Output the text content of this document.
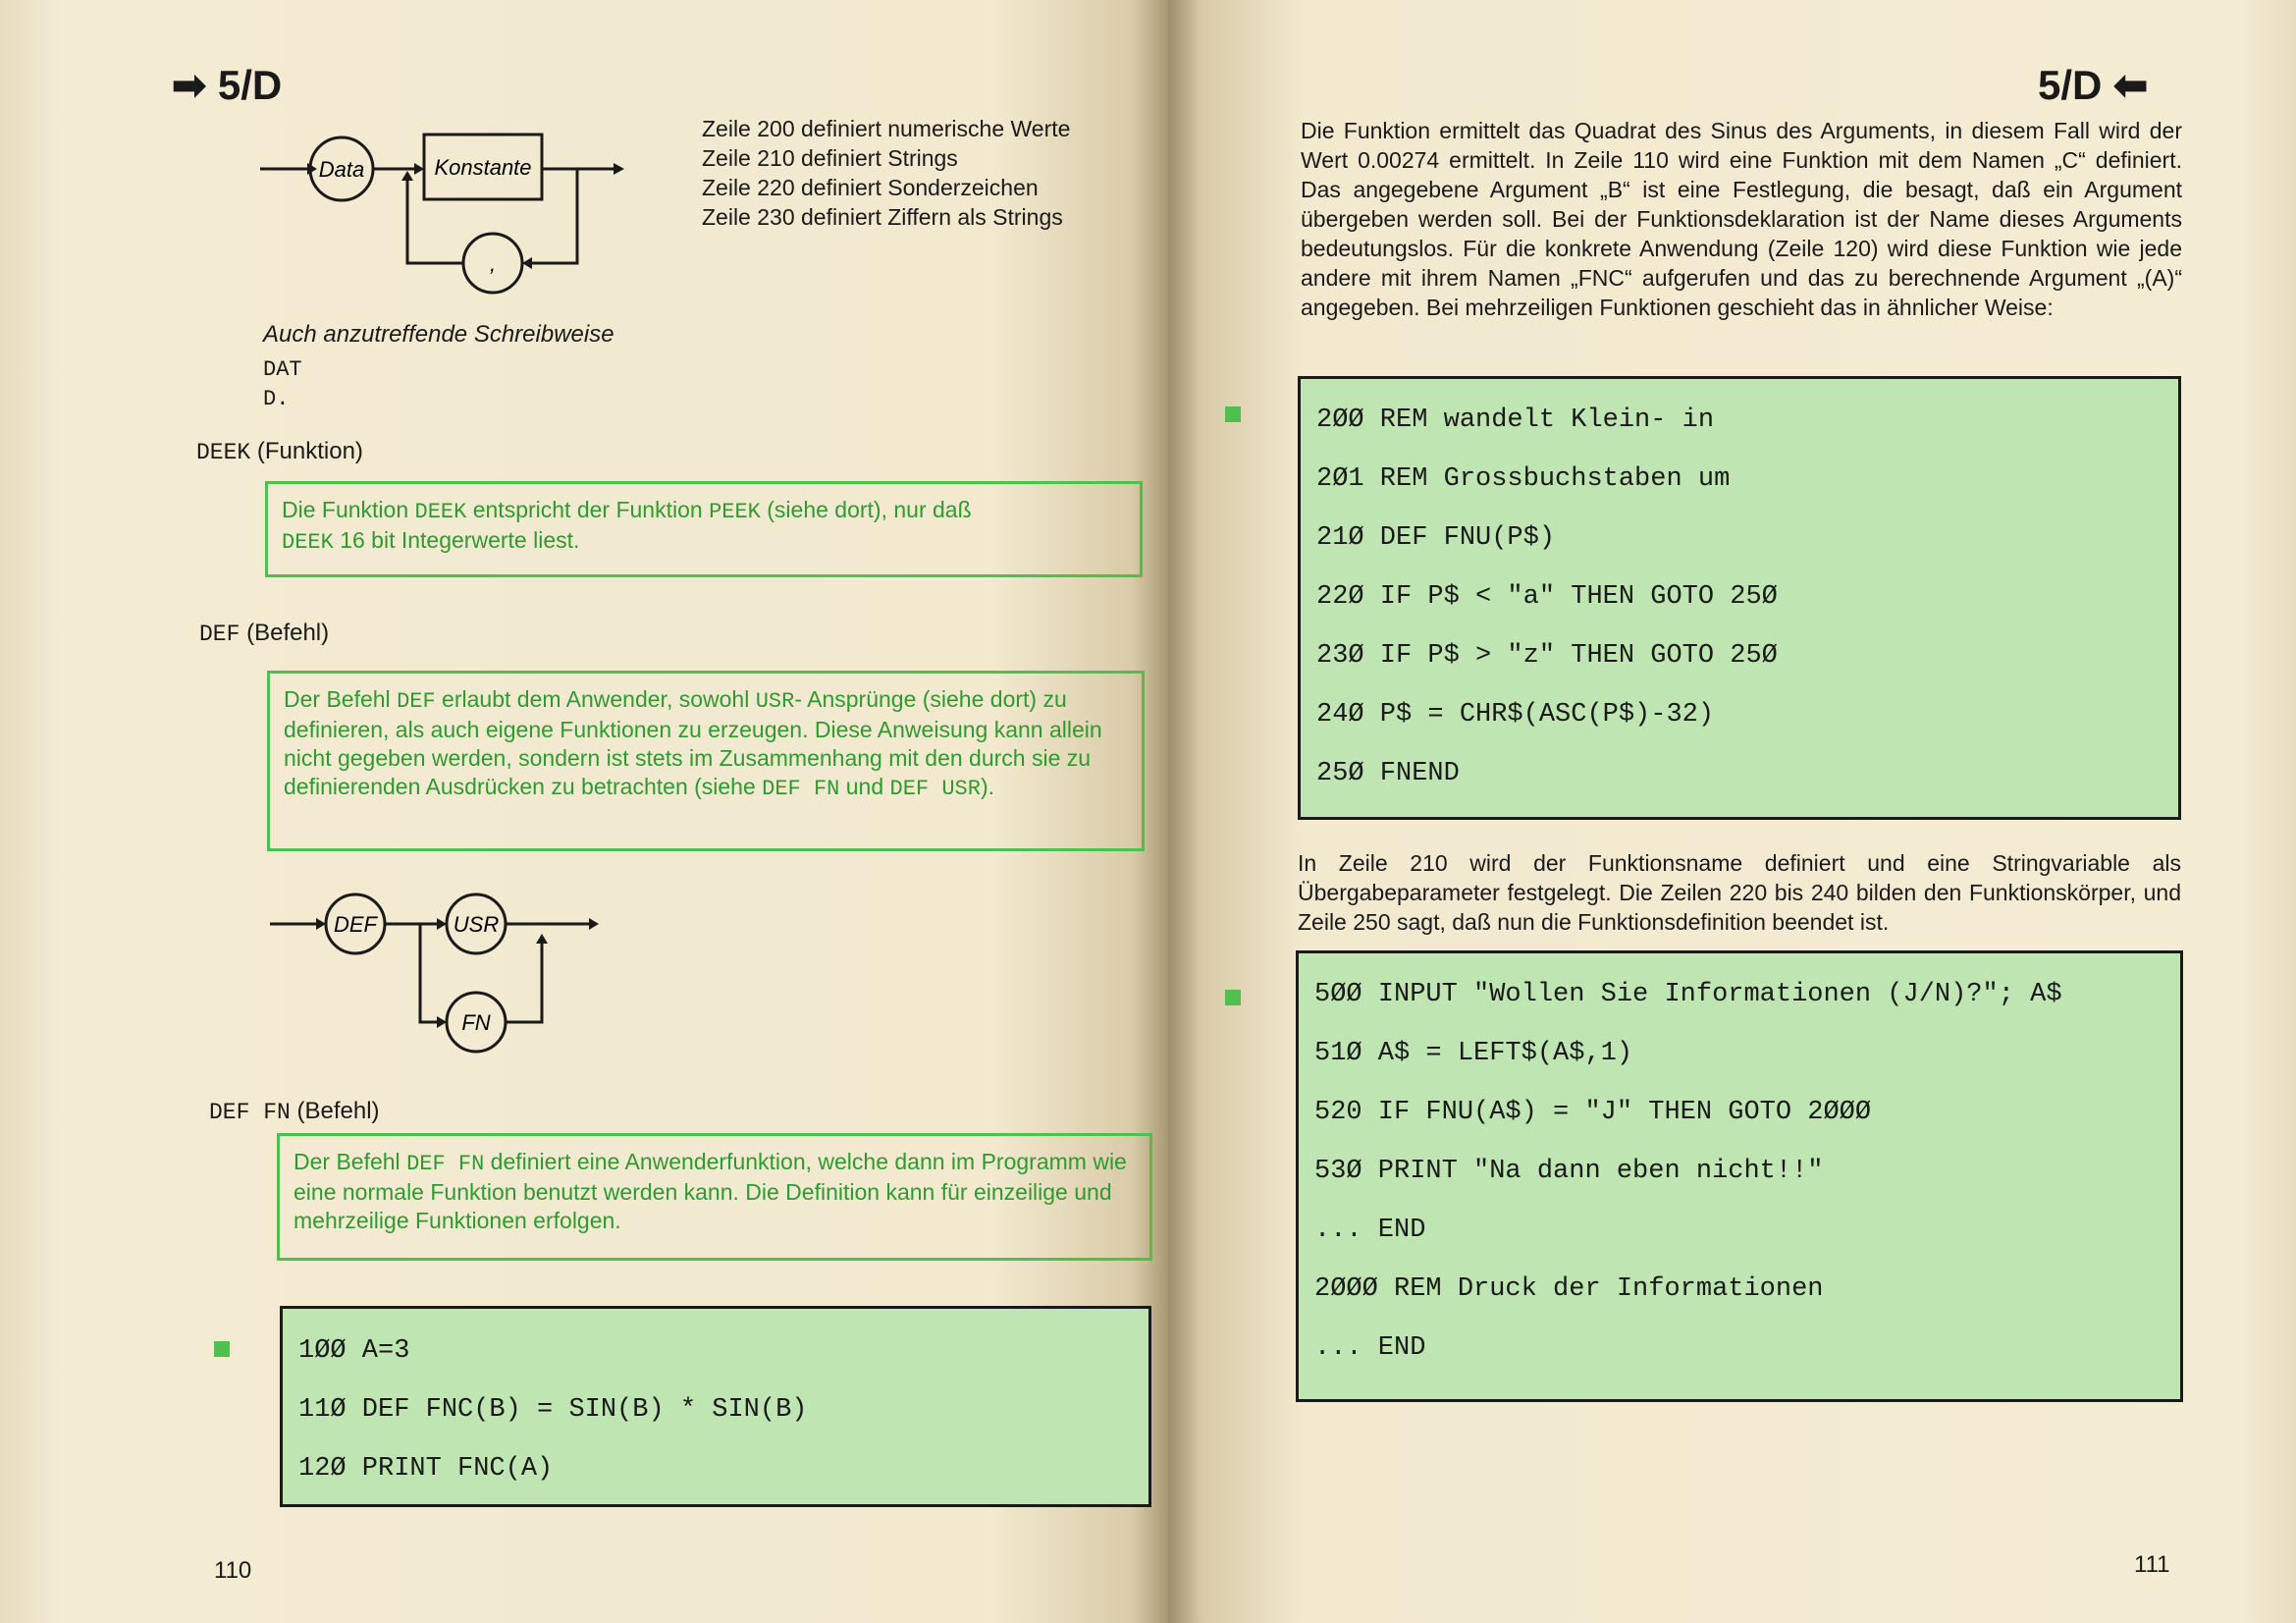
➡ 5/D
Data	Konstante
,
Zeile 200 definiert numerische Werte
Zeile 210 definiert Strings
Zeile 220 definiert Sonderzeichen
Zeile 230 definiert Ziffern als Strings
Auch anzutreffende Schreibweise
DAT
D.
DEEK (Funktion)
Die Funktion DEEK entspricht der Funktion PEEK (siehe dort), nur daß
DEEK 16 bit Integerwerte liest.
DEF (Befehl)
Der Befehl DEF erlaubt dem Anwender, sowohl USR- Ansprünge (siehe dort) zu definieren, als auch eigene Funktionen zu erzeugen. Diese Anweisung kann allein nicht gegeben werden, sondern ist stets im Zusammenhang mit den durch sie zu definierenden Ausdrücken zu betrachten (siehe DEF FN und DEF USR).
DEF	USR
FN
DEF FN (Befehl)
Der Befehl DEF FN definiert eine Anwenderfunktion, welche dann im Programm wie eine normale Funktion benutzt werden kann. Die Definition kann für einzeilige und mehrzeilige Funktionen erfolgen.
1ØØ A=3
11Ø DEF FNC(B) = SIN(B) * SIN(B)
12Ø PRINT FNC(A)
110
5/D ⬅
Die Funktion ermittelt das Quadrat des Sinus des Arguments, in diesem Fall wird der Wert 0.00274 ermittelt. In Zeile 110 wird eine Funktion mit dem Namen „C“ definiert. Das angegebene Argument „B“ ist eine Festlegung, die besagt, daß ein Argument übergeben werden soll. Bei der Funktionsdeklaration ist der Name dieses Arguments bedeutungslos. Für die konkrete Anwendung (Zeile 120) wird diese Funktion wie jede andere mit ihrem Namen „FNC“ aufgerufen und das zu berechnende Argument „(A)“ angegeben. Bei mehrzeiligen Funktionen geschieht das in ähnlicher Weise:
2ØØ REM wandelt Klein- in
2Ø1 REM Grossbuchstaben um
21Ø DEF FNU(P$)
22Ø IF P$ < "a" THEN GOTO 25Ø
23Ø IF P$ > "z" THEN GOTO 25Ø
24Ø P$ = CHR$(ASC(P$)-32)
25Ø FNEND
In Zeile 210 wird der Funktionsname definiert und eine Stringvariable als Übergabeparameter festgelegt. Die Zeilen 220 bis 240 bilden den Funktionskörper, und Zeile 250 sagt, daß nun die Funktionsdefinition beendet ist.
5ØØ INPUT "Wollen Sie Informationen (J/N)?"; A$
51Ø A$ = LEFT$(A$,1)
520 IF FNU(A$) = "J" THEN GOTO 2ØØØ
53Ø PRINT "Na dann eben nicht!!"
... END
2ØØØ REM Druck der Informationen
... END
111
